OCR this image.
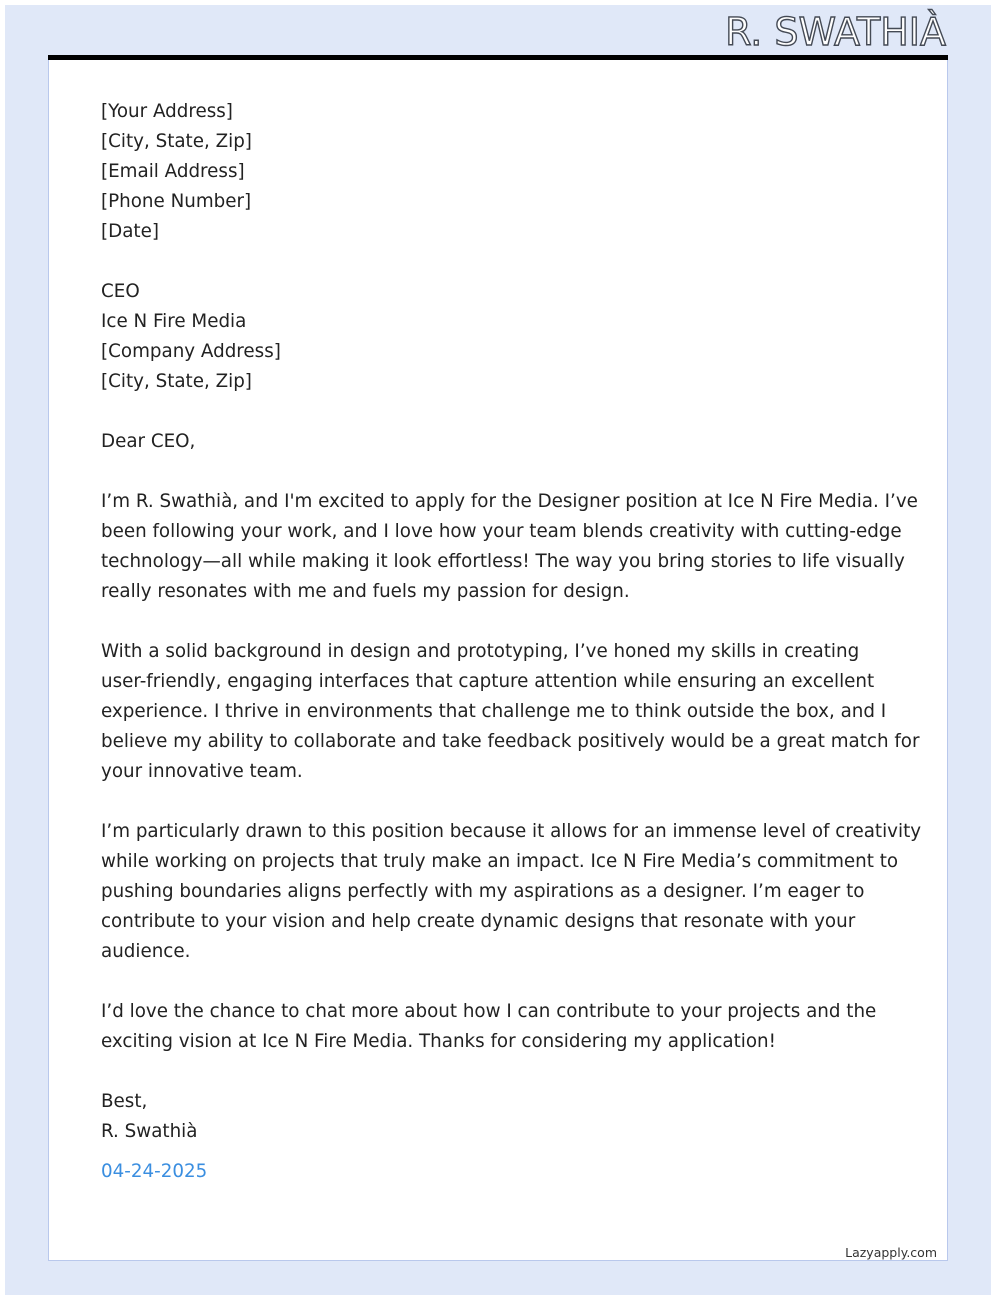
R. SWATHIÀ
[Your Address]
[City, State, Zip]
[Email Address]
[Phone Number]
[Date]
CEO
Ice N Fire Media
[Company Address]
[City, State, Zip]
Dear CEO,
I’m R. Swathià, and I'm excited to apply for the Designer position at Ice N Fire Media. I’ve
been following your work, and I love how your team blends creativity with cutting-edge
technology—all while making it look effortless! The way you bring stories to life visually
really resonates with me and fuels my passion for design.
With a solid background in design and prototyping, I’ve honed my skills in creating
user-friendly, engaging interfaces that capture attention while ensuring an excellent
experience. I thrive in environments that challenge me to think outside the box, and I
believe my ability to collaborate and take feedback positively would be a great match for
your innovative team.
I’m particularly drawn to this position because it allows for an immense level of creativity
while working on projects that truly make an impact. Ice N Fire Media’s commitment to
pushing boundaries aligns perfectly with my aspirations as a designer. I’m eager to
contribute to your vision and help create dynamic designs that resonate with your
audience.
I’d love the chance to chat more about how I can contribute to your projects and the
exciting vision at Ice N Fire Media. Thanks for considering my application!
Best,
R. Swathià
04-24-2025
Lazyapply.com
